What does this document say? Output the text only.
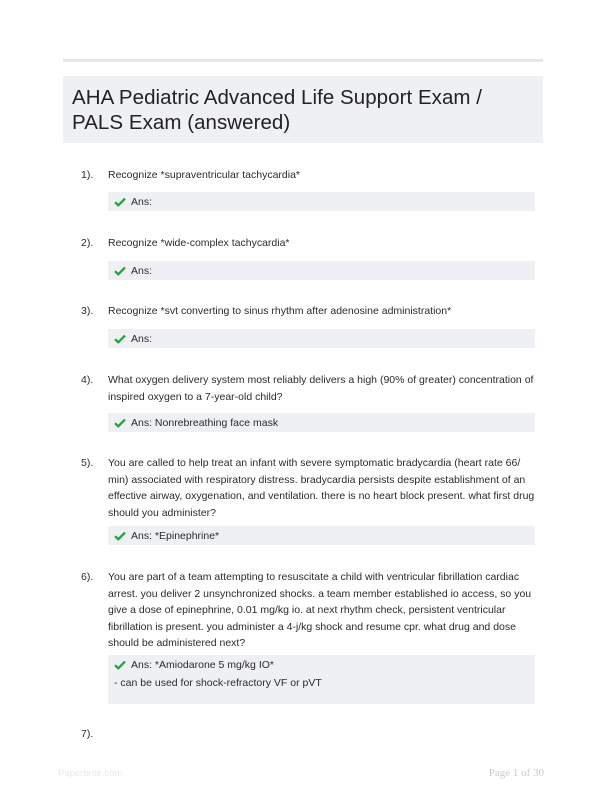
AHA Pediatric Advanced Life Support Exam / PALS Exam (answered)
1). Recognize *supraventricular tachycardia*
Ans:
2). Recognize *wide-complex tachycardia*
Ans:
3). Recognize *svt converting to sinus rhythm after adenosine administration*
Ans:
4). What oxygen delivery system most reliably delivers a high (90% of greater) concentration of inspired oxygen to a 7-year-old child?
Ans: Nonrebreathing face mask
5). You are called to help treat an infant with severe symptomatic bradycardia (heart rate 66/ min) associated with respiratory distress. bradycardia persists despite establishment of an effective airway, oxygenation, and ventilation. there is no heart block present. what first drug should you administer?
Ans: *Epinephrine*
6). You are part of a team attempting to resuscitate a child with ventricular fibrillation cardiac arrest. you deliver 2 unsynchronized shocks. a team member established io access, so you give a dose of epinephrine, 0.01 mg/kg io. at next rhythm check, persistent ventricular fibrillation is present. you administer a 4-j/kg shock and resume cpr. what drug and dose should be administered next?
Ans: *Amiodarone 5 mg/kg IO*
- can be used for shock-refractory VF or pVT
7).
Paperbrite.com	Page 1 of 30
